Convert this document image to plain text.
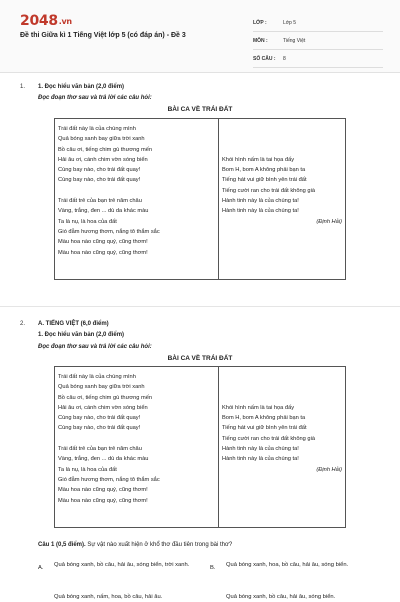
2048.vn
Đề thi Giữa kì 1 Tiếng Việt lớp 5 (có đáp án) - Đề 3
LỚP :	Lớp 5
MÔN :	Tiếng Việt
SỐ CÂU :	8
1. 1. Đọc hiểu văn bản (2,0 điểm)
Đọc đoạn thơ sau và trả lời các câu hỏi:
BÀI CA VỀ TRÁI ĐẤT
Trái đất này là của chúng mình
Quả bóng xanh bay giữa trời xanh
Bồ câu ơi, tiếng chim gù thương mến
Hải âu ơi, cánh chim vờn sóng biển
Cùng bay nào, cho trái đất quay!
Cùng bay nào, cho trái đất quay!
Trái đất trẻ của bạn trẻ năm châu
Vàng, trắng, đen ... dù da khác màu
Ta là nụ, là hoa của đất
Gió đẫm hương thơm, nắng tô thắm sắc
Màu hoa nào cũng quý, cũng thơm!
Màu hoa nào cũng quý, cũng thơm!
Khói hình nấm là tai họa đấy
Bom H, bom A không phải bạn ta
Tiếng hát vui giữ bình yên trái đất
Tiếng cười ran cho trái đất không già
Hành tinh này là của chúng ta!
Hành tinh này là của chúng ta!
(Định Hải)
2. A. TIẾNG VIỆT (6,0 điểm)
1. Đọc hiểu văn bản (2,0 điểm)
Đọc đoạn thơ sau và trả lời các câu hỏi:
BÀI CA VỀ TRÁI ĐẤT
Trái đất này là của chúng mình
Quả bóng xanh bay giữa trời xanh
Bồ câu ơi, tiếng chim gù thương mến
Hải âu ơi, cánh chim vờn sóng biển
Cùng bay nào, cho trái đất quay!
Cùng bay nào, cho trái đất quay!
Trái đất trẻ của bạn trẻ năm châu
Vàng, trắng, đen ... dù da khác màu
Ta là nụ, là hoa của đất
Gió đẫm hương thơm, nắng tô thắm sắc
Màu hoa nào cũng quý, cũng thơm!
Màu hoa nào cũng quý, cũng thơm!
Khói hình nấm là tai họa đấy
Bom H, bom A không phải bạn ta
Tiếng hát vui giữ bình yên trái đất
Tiếng cười ran cho trái đất không già
Hành tinh này là của chúng ta!
Hành tinh này là của chúng ta!
(Định Hải)
Câu 1 (0,5 điểm). Sự vật nào xuất hiện ở khổ thơ đầu tiên trong bài thơ?
A. Quả bóng xanh, bồ câu, hải âu, sóng biển, trời xanh.	B. Quả bóng xanh, hoa, bồ câu, hải âu, sóng biển.
Quả bóng xanh, nấm, hoa, bồ câu, hải âu.	Quả bóng xanh, bồ câu, hải âu, sóng biển.
